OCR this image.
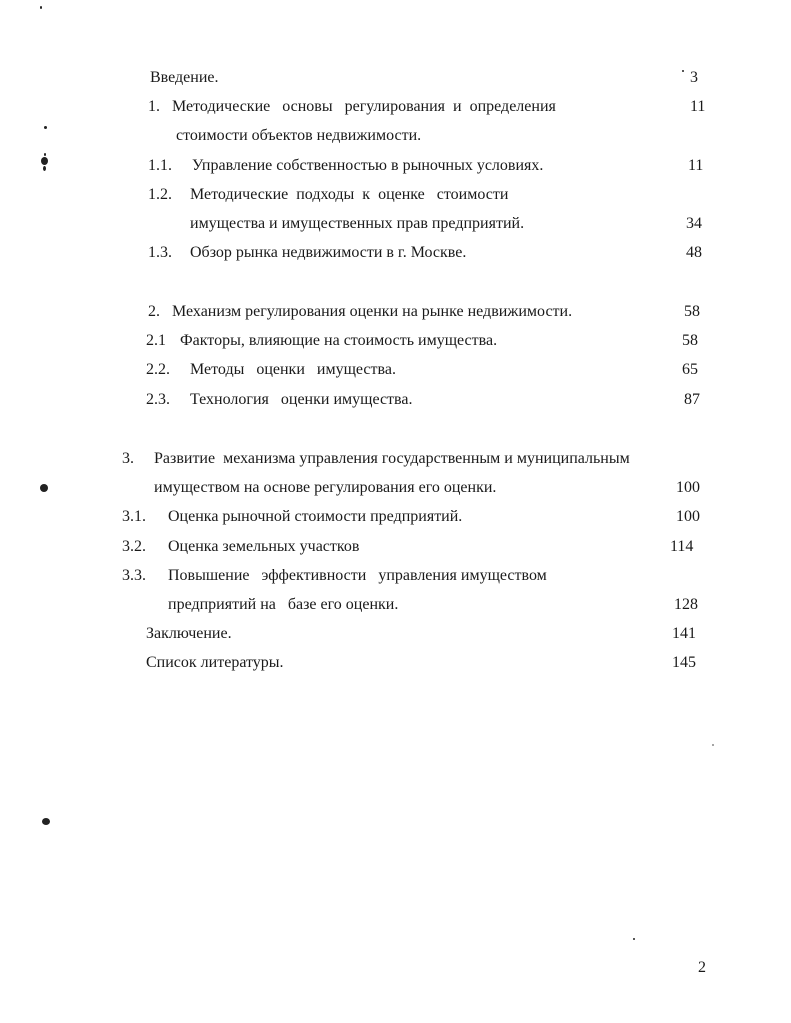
Введение.	3
1. Методические   основы   регулирования  и  определения	11
стоимости объектов недвижимости.
1.1. Управление собственностью в рыночных условиях.	11
1.2. Методические  подходы  к  оценке   стоимости
имущества и имущественных прав предприятий.	34
1.3. Обзор рынка недвижимости в г. Москве.	48
2. Механизм регулирования оценки на рынке недвижимости.	58
2.1 Факторы, влияющие на стоимость имущества.	58
2.2. Методы   оценки   имущества.	65
2.3. Технология   оценки имущества.	87
3. Развитие  механизма управления государственным и муниципальным
имуществом на основе регулирования его оценки.	100
3.1. Оценка рыночной стоимости предприятий.	100
3.2. Оценка земельных участков	114
3.3. Повышение   эффективности   управления имуществом
предприятий на   базе его оценки.	128
Заключение.	141
Список литературы.	145
2
